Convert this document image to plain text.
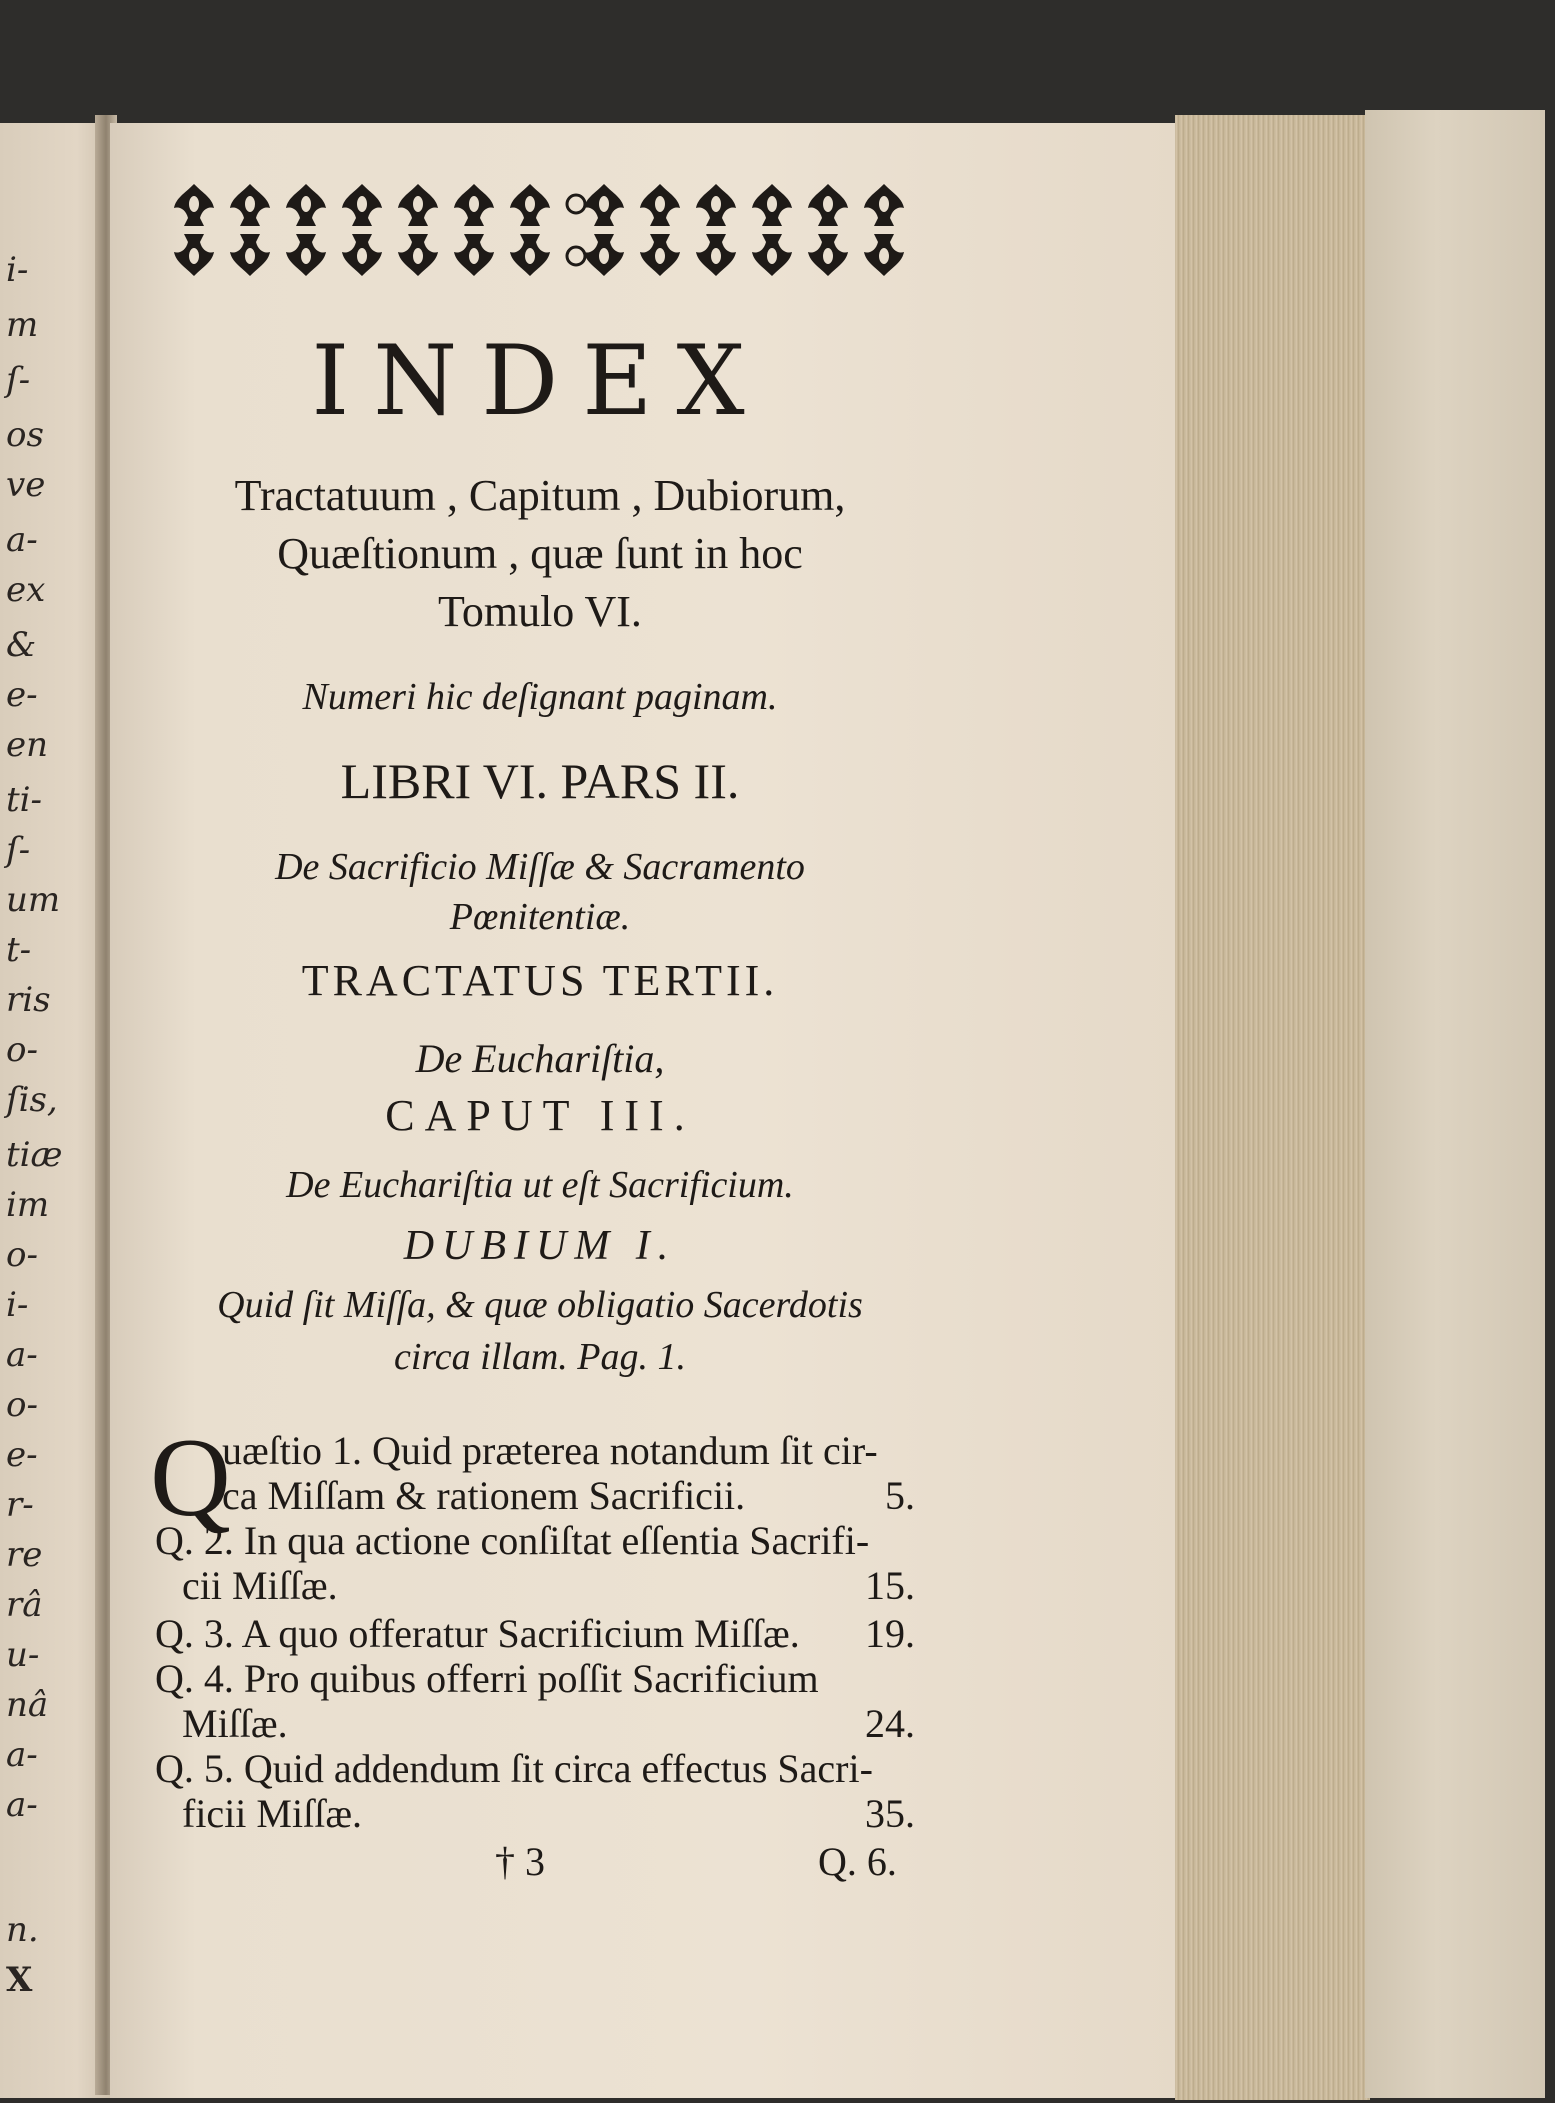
i-
m
ſ-
os
ve
a-
ex
&
e-
en
ti-
ſ-
um
t-
ris
o-
ſis,
tiæ
im
o-
i-
a-
o-
e-
r-
re
râ
u-
nâ
a-
a-
n.
X
INDEX
Tractatuum , Capitum , Dubiorum,
Quæſtionum , quæ ſunt in hoc
Tomulo VI.
Numeri hic deſignant paginam.
LIBRI VI. PARS II.
De Sacrificio Miſſæ & Sacramento
Pœnitentiæ.
TRACTATUS TERTII.
De Euchariſtia,
CAPUT III.
De Euchariſtia ut eſt Sacrificium.
DUBIUM I.
Quid ſit Miſſa, & quæ obligatio Sacerdotis
circa illam. Pag. 1.
Q
uæſtio 1. Quid præterea notandum ſit cir-
ca Miſſam & rationem Sacrificii.	5.
Q. 2. In qua actione conſiſtat eſſentia Sacrifi-
cii Miſſæ.	15.
Q. 3. A quo offeratur Sacrificium Miſſæ. 19.
Q. 4. Pro quibus offerri poſſit Sacrificium
Miſſæ.	24.
Q. 5. Quid addendum ſit circa effectus Sacri-
ficii Miſſæ.	35.
† 3	Q. 6.
